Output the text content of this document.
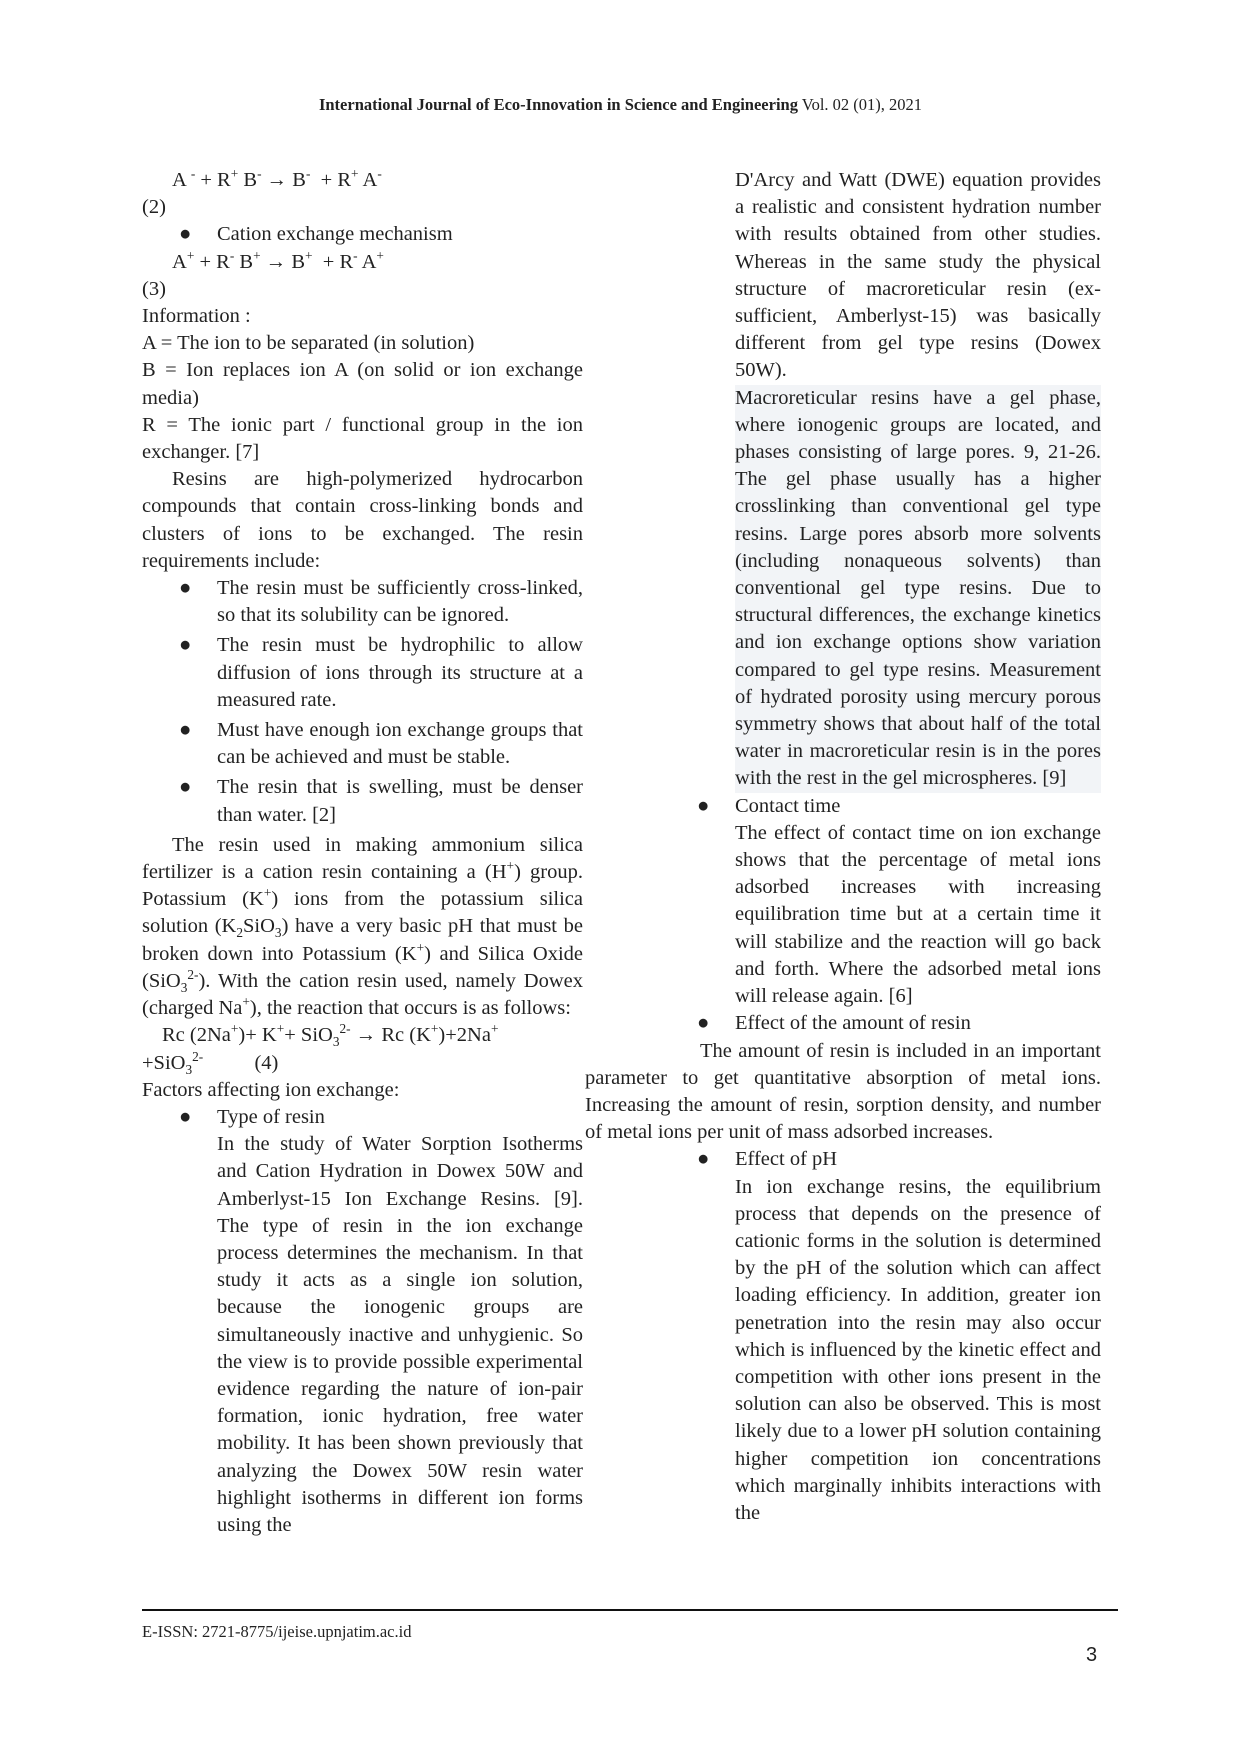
International Journal of Eco-Innovation in Science and Engineering Vol. 02 (01), 2021

A - + R+ B- → B-  + R+ A-

(2)

●	Cation exchange mechanism

A+ + R- B+ → B+  + R- A+

(3)

Information :

A = The ion to be separated (in solution)

B = Ion replaces ion A (on solid or ion exchange media)

R = The ionic part / functional group in the ion exchanger. [7]

Resins are high-polymerized hydrocarbon compounds that contain cross-linking bonds and clusters of ions to be exchanged. The resin requirements include:

●	The resin must be sufficiently cross-linked, so that its solubility can be ignored.
●	The resin must be hydrophilic to allow diffusion of ions through its structure at a measured rate.
●	Must have enough ion exchange groups that can be achieved and must be stable.
●	The resin that is swelling, must be denser than water. [2]

The resin used in making ammonium silica fertilizer is a cation resin containing a (H+) group. Potassium (K+) ions from the potassium silica solution $(K_2SiO_3)$ have a very basic pH that must be broken down into Potassium (K+) and Silica Oxide (SiO$_3^{2-}$). With the cation resin used, namely Dowex (charged Na+), the reaction that occurs is as follows:

Rc (2Na+)+ K++ SiO$_3^{2-}$ → Rc (K+)+2Na+

+SiO$_3^{2-}$	(4)

Factors affecting ion exchange:

●	Type of resin
In the study of Water Sorption Isotherms and Cation Hydration in Dowex 50W and Amberlyst-15 Ion Exchange Resins. [9]. The type of resin in the ion exchange process determines the mechanism. In that study it acts as a single ion solution, because the ionogenic groups are simultaneously inactive and unhygienic. So the view is to provide possible experimental evidence regarding the nature of ion-pair formation, ionic hydration, free water mobility. It has been shown previously that analyzing the Dowex 50W resin water highlight isotherms in different ion forms using the

D'Arcy and Watt (DWE) equation provides a realistic and consistent hydration number with results obtained from other studies. Whereas in the same study the physical structure of macroreticular resin (ex-sufficient, Amberlyst-15) was basically different from gel type resins (Dowex 50W).

Macroreticular resins have a gel phase, where ionogenic groups are located, and phases consisting of large pores. 9, 21-26. The gel phase usually has a higher crosslinking than conventional gel type resins. Large pores absorb more solvents (including nonaqueous solvents) than conventional gel type resins. Due to structural differences, the exchange kinetics and ion exchange options show variation compared to gel type resins. Measurement of hydrated porosity using mercury porous symmetry shows that about half of the total water in macroreticular resin is in the pores with the rest in the gel microspheres. [9]

●	Contact time
The effect of contact time on ion exchange shows that the percentage of metal ions adsorbed increases with increasing equilibration time but at a certain time it will stabilize and the reaction will go back and forth. Where the adsorbed metal ions will release again. [6]
●	Effect of the amount of resin

The amount of resin is included in an important parameter to get quantitative absorption of metal ions. Increasing the amount of resin, sorption density, and number of metal ions per unit of mass adsorbed increases.

●	Effect of pH
In ion exchange resins, the equilibrium process that depends on the presence of cationic forms in the solution is determined by the pH of the solution which can affect loading efficiency. In addition, greater ion penetration into the resin may also occur which is influenced by the kinetic effect and competition with other ions present in the solution can also be observed. This is most likely due to a lower pH solution containing higher competition ion concentrations which marginally inhibits interactions with the
E-ISSN: 2721-8775/ijeise.upnjatim.ac.id
3
